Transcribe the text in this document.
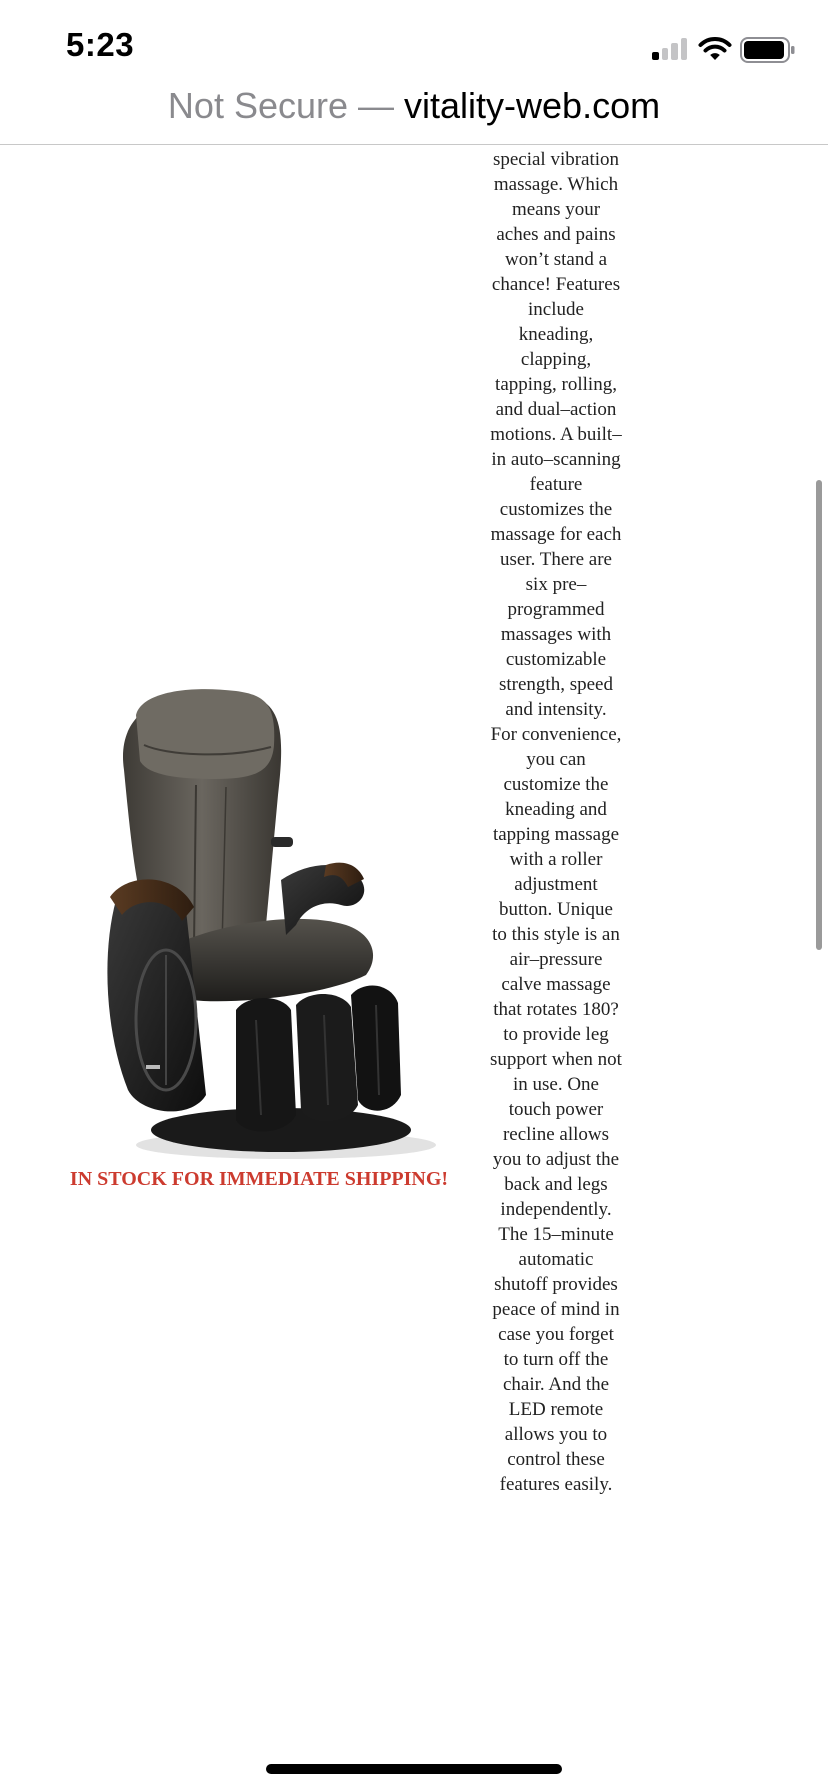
5:23
Not Secure — vitality-web.com
IN STOCK FOR IMMEDIATE SHIPPING!

special vibration massage. Which means your aches and pains won’t stand a chance! Features include kneading, clapping, tapping, rolling, and dual–action motions. A built–in auto–scanning feature customizes the massage for each user. There are six pre–programmed massages with customizable strength, speed and intensity. For convenience, you can customize the kneading and tapping massage with a roller adjustment button. Unique to this style is an air–pressure calve massage that rotates 180? to provide leg support when not in use. One touch power recline allows you to adjust the back and legs independently. The 15–minute automatic shutoff provides peace of mind in case you forget to turn off the chair. And the LED remote allows you to control these features easily.
